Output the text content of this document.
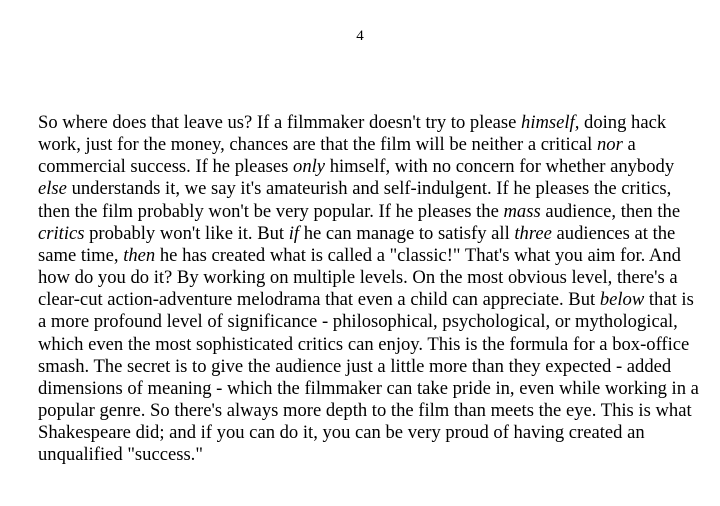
4

So where does that leave us? If a filmmaker doesn't try to please himself, doing hack
work, just for the money, chances are that the film will be neither a critical nor a
commercial success. If he pleases only himself, with no concern for whether anybody
else understands it, we say it's amateurish and self-indulgent. If he pleases the critics,
then the film probably won't be very popular. If he pleases the mass audience, then the
critics probably won't like it. But if he can manage to satisfy all three audiences at the
same time, then he has created what is called a "classic!" That's what you aim for. And
how do you do it? By working on multiple levels. On the most obvious level, there's a
clear-cut action-adventure melodrama that even a child can appreciate. But below that is
a more profound level of significance - philosophical, psychological, or mythological,
which even the most sophisticated critics can enjoy. This is the formula for a box-office
smash. The secret is to give the audience just a little more than they expected - added
dimensions of meaning - which the filmmaker can take pride in, even while working in a
popular genre. So there's always more depth to the film than meets the eye. This is what
Shakespeare did; and if you can do it, you can be very proud of having created an
unqualified "success."
